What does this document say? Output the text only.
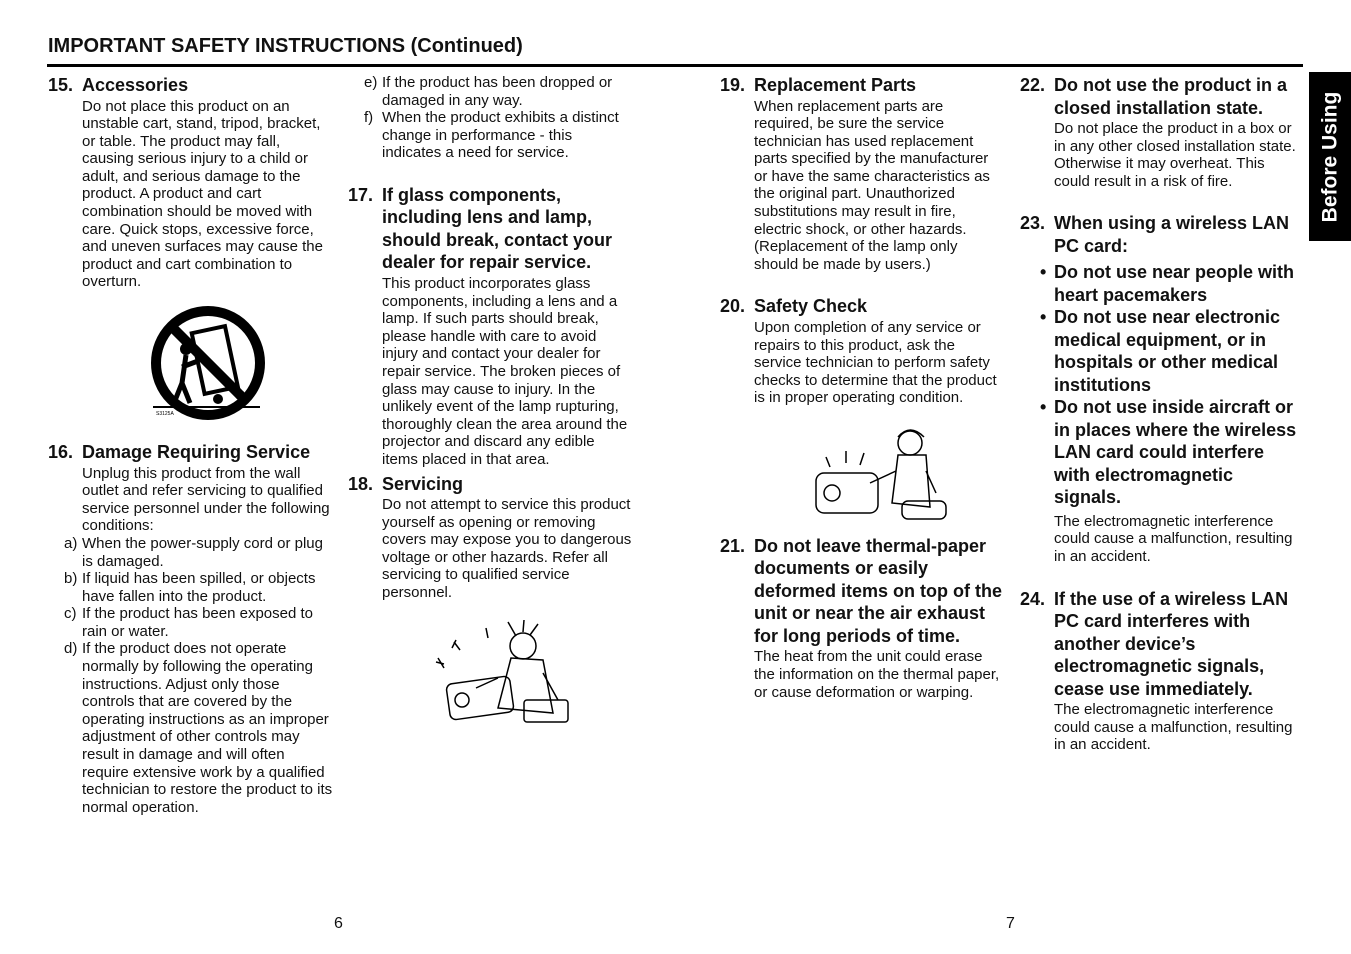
IMPORTANT SAFETY INSTRUCTIONS (Continued)
Before Using
15. Accessories
Do not place this product on an unstable cart, stand, tripod, bracket, or table. The product may fall, causing serious injury to a child or adult, and serious damage to the product. A product and cart combination should be moved with care. Quick stops, excessive force, and uneven surfaces may cause the product and cart combination to overturn.
S3125A
16. Damage Requiring Service
Unplug this product from the wall outlet and refer servicing to qualified service personnel under the following conditions:
a) When the power-supply cord or plug is damaged.
b) If liquid has been spilled, or objects have fallen into the product.
c) If the product has been exposed to rain or water.
d) If the product does not operate normally by following the operating instructions. Adjust only those controls that are covered by the operating instructions as an improper adjustment of other controls may result in damage and will often require extensive work by a qualified technician to restore the product to its normal operation.
e) If the product has been dropped or damaged in any way.
f) When the product exhibits a distinct change in performance - this indicates a need for service.
17. If glass components, including lens and lamp, should break, contact your dealer for repair service.
This product incorporates glass components, including a lens and a lamp. If such parts should break, please handle with care to avoid injury and contact your dealer for repair service. The broken pieces of glass may cause to injury. In the unlikely event of the lamp rupturing, thoroughly clean the area around the projector and discard any edible items placed in that area.
18. Servicing
Do not attempt to service this product yourself as opening or removing covers may expose you to dangerous voltage or other hazards. Refer all servicing to qualified service personnel.
19. Replacement Parts
When replacement parts are required, be sure the service technician has used replacement parts specified by the manufacturer or have the same characteristics as the original part. Unauthorized substitutions may result in fire, electric shock, or other hazards.
(Replacement of the lamp only should be made by users.)
20. Safety Check
Upon completion of any service or repairs to this product, ask the service technician to perform safety checks to determine that the product is in proper operating condition.
21. Do not leave thermal-paper documents or easily deformed items on top of the unit or near the air exhaust for long periods of time.
The heat from the unit could erase the information on the thermal paper, or cause deformation or warping.
22. Do not use the product in a closed installation state.
Do not place the product in a box or in any other closed installation state. Otherwise it may overheat. This could result in a risk of fire.
23. When using a wireless LAN PC card:
• Do not use near people with heart pacemakers
• Do not use near electronic medical equipment, or in hospitals or other medical institutions
• Do not use inside aircraft or in places where the wireless LAN card could interfere with electromagnetic signals.
The electromagnetic interference could cause a malfunction, resulting in an accident.
24. If the use of a wireless LAN PC card interferes with another device’s electromagnetic signals, cease use immediately.
The electromagnetic interference could cause a malfunction, resulting in an accident.
6	7
